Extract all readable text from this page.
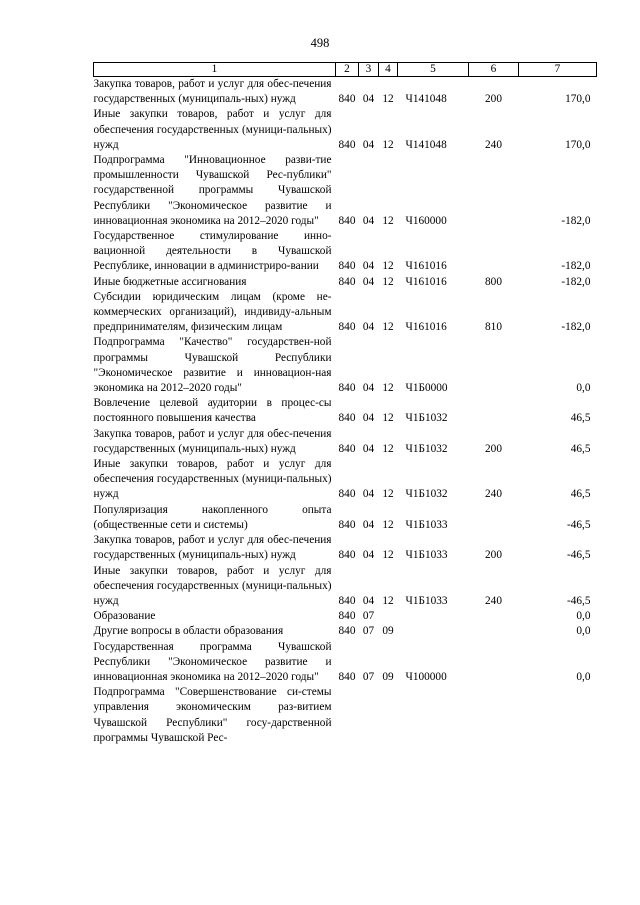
498
1	2	3	4	5	6	7
Закупка товаров, работ и услуг для обес-печения государственных (муниципаль-ных) нужд	840	04	12	Ч141048	200	170,0
Иные закупки товаров, работ и услуг для обеспечения государственных (муници-пальных) нужд	840	04	12	Ч141048	240	170,0
Подпрограмма "Инновационное разви-тие промышленности Чувашской Рес-публики" государственной программы Чувашской Республики "Экономическое развитие и инновационная экономика на 2012–2020 годы"	840	04	12	Ч160000		-182,0
Государственное стимулирование инно-вационной деятельности в Чувашской Республике, инновации в администриро-вании	840	04	12	Ч161016		-182,0
Иные бюджетные ассигнования	840	04	12	Ч161016	800	-182,0
Субсидии юридическим лицам (кроме не-коммерческих организаций), индивиду-альным предпринимателям, физическим лицам	840	04	12	Ч161016	810	-182,0
Подпрограмма "Качество" государствен-ной программы Чувашской Республики "Экономическое развитие и инновацион-ная экономика на 2012–2020 годы"	840	04	12	Ч1Б0000		0,0
Вовлечение целевой аудитории в процес-сы постоянного повышения качества	840	04	12	Ч1Б1032		46,5
Закупка товаров, работ и услуг для обес-печения государственных (муниципаль-ных) нужд	840	04	12	Ч1Б1032	200	46,5
Иные закупки товаров, работ и услуг для обеспечения государственных (муници-пальных) нужд	840	04	12	Ч1Б1032	240	46,5
Популяризация накопленного опыта (общественные сети и системы)	840	04	12	Ч1Б1033		-46,5
Закупка товаров, работ и услуг для обес-печения государственных (муниципаль-ных) нужд	840	04	12	Ч1Б1033	200	-46,5
Иные закупки товаров, работ и услуг для обеспечения государственных (муници-пальных) нужд	840	04	12	Ч1Б1033	240	-46,5
Образование	840	07				0,0
Другие вопросы в области образования	840	07	09			0,0
Государственная программа Чувашской Республики "Экономическое развитие и инновационная экономика на 2012–2020 годы"	840	07	09	Ч100000		0,0
Подпрограмма "Совершенствование си-стемы управления экономическим раз-витием Чувашской Республики" госу-дарственной программы Чувашской Рес-						
